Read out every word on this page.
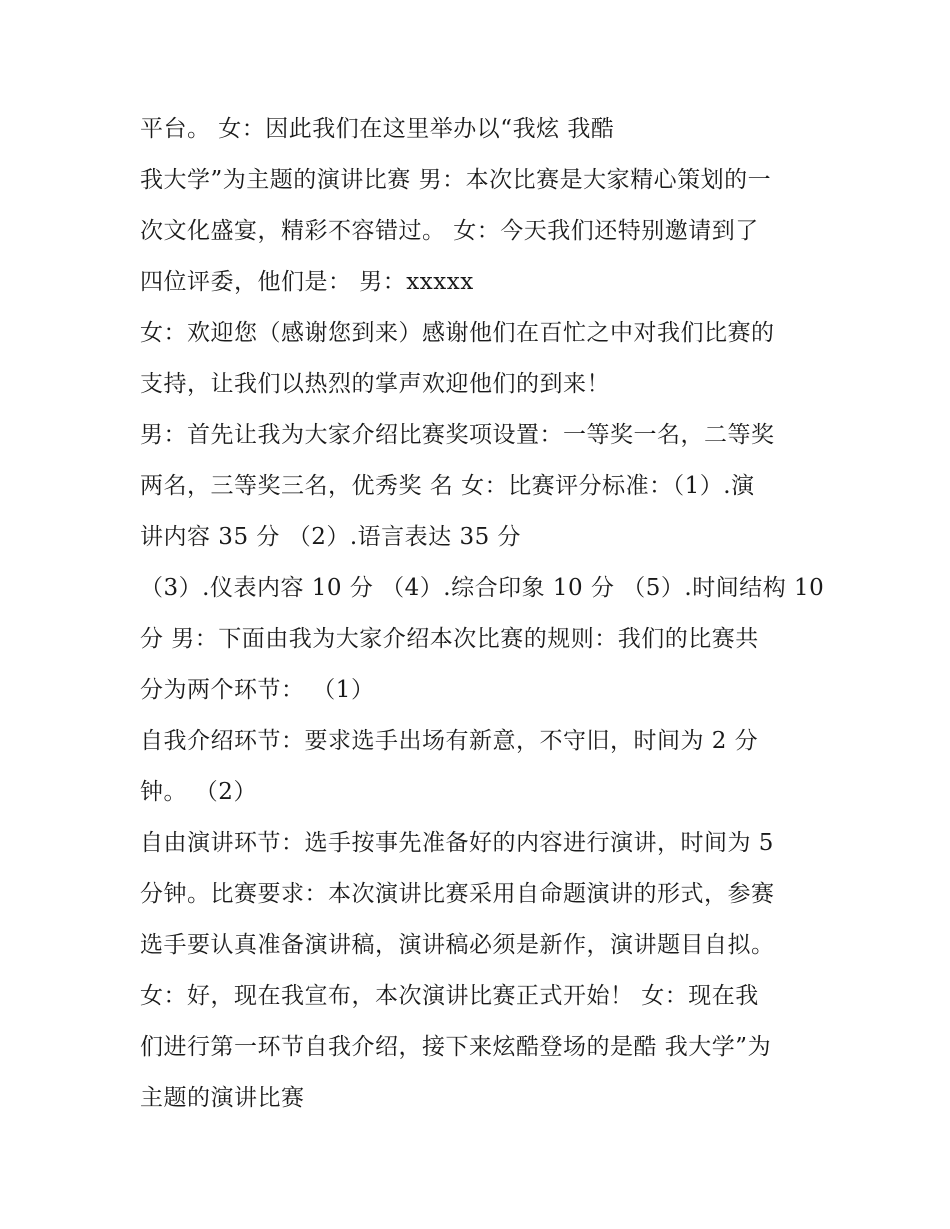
平台。 女：因此我们在这里举办以“我炫 我酷
我大学”为主题的演讲比赛 男：本次比赛是大家精心策划的一
次文化盛宴，精彩不容错过。 女：今天我们还特别邀请到了
四位评委，他们是： 男：xxxxx
女：欢迎您（感谢您到来）感谢他们在百忙之中对我们比赛的
支持，让我们以热烈的掌声欢迎他们的到来！
男：首先让我为大家介绍比赛奖项设置：一等奖一名，二等奖
两名，三等奖三名，优秀奖 名 女：比赛评分标准：（1）.演
讲内容 35 分 （2）.语言表达 35 分
（3）.仪表内容 10 分 （4）.综合印象 10 分 （5）.时间结构 10
分 男：下面由我为大家介绍本次比赛的规则：我们的比赛共
分为两个环节： （1）
自我介绍环节：要求选手出场有新意，不守旧，时间为 2 分
钟。 （2）
自由演讲环节：选手按事先准备好的内容进行演讲，时间为 5
分钟。比赛要求：本次演讲比赛采用自命题演讲的形式，参赛
选手要认真准备演讲稿，演讲稿必须是新作，演讲题目自拟。
女：好，现在我宣布，本次演讲比赛正式开始！ 女：现在我
们进行第一环节自我介绍，接下来炫酷登场的是酷 我大学”为
主题的演讲比赛
